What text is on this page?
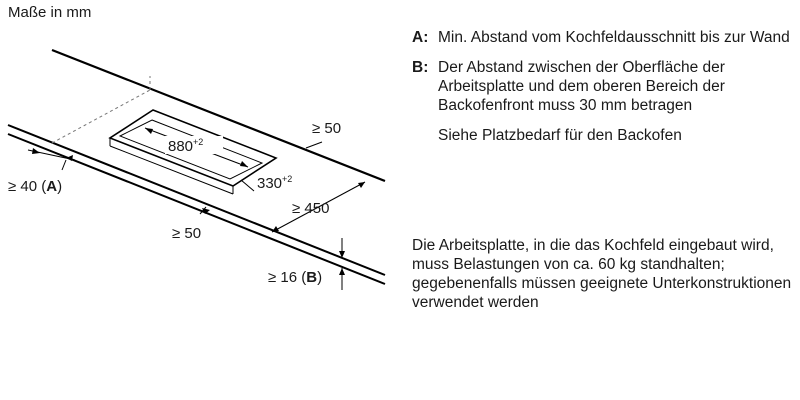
Maße in mm
$880^{+2}$
$330^{+2}$
≥ 50
≥ 40 (A)
≥ 50
≥ 450
≥ 16 (B)
A: Min. Abstand vom Kochfeldausschnitt bis zur Wand
B: Der Abstand zwischen der Oberfläche der Arbeitsplatte und dem oberen Bereich der Backofenfront muss 30 mm betragen
Siehe Platzbedarf für den Backofen
Die Arbeitsplatte, in die das Kochfeld eingebaut wird, muss Belastungen von ca. 60 kg standhalten; gegebenenfalls müssen geeignete Unterkonstruktionen verwendet werden
